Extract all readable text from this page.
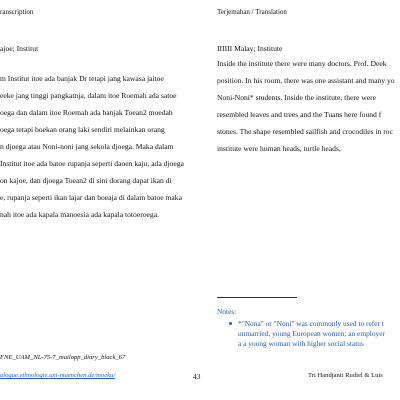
ranscription
ajoe; Institut
m Institut itoe ada banjak Dr tetapi jang kawasa jaitoe
eeke jang tinggi pangkatnja, dalam itoe Roemah ada satoe
oega dan dalam itoe Roemah ada banjak Toean2 moedah
oega tetapi boekan orang laki sendiri melainkan orang
n djoega atau Noni-noni jang sekola djoega. Maka dalam
Institut itoe ada batoe rupanja seperti daoen kaju, ada djoega
on kajoe, dan djoega Toean2 di sini dorang dapat ikan di
e, rupanja seperti ikan lajar dan boeaja di dalam batoe maka
nah itoe ada kapala manoesia ada kapala totoeroega.
FNE_UAM_NL-75-7_mailopp_diary_black_67
alogue.ethnologie.uni-muenchen.de/moeka/	43
Terjemahan / Translation
IIIIII Malay; Institute
Inside the institute there were many doctors. Prof. Deek
position. In his room, there was one assistant and many yo
Noni-Noni* students. Inside the institute, there were
resembled leaves and trees and the Tuans here found f
stones. The shape resembled sailfish and crocodiles in roc
institute were human heads, turtle heads,
Notes:
*"Nona" or "Noni" was commonly used to refer t
unmarried, young European women; an employer
a a young woman with higher social status
Tri Handjanti Rudiel & Luis
